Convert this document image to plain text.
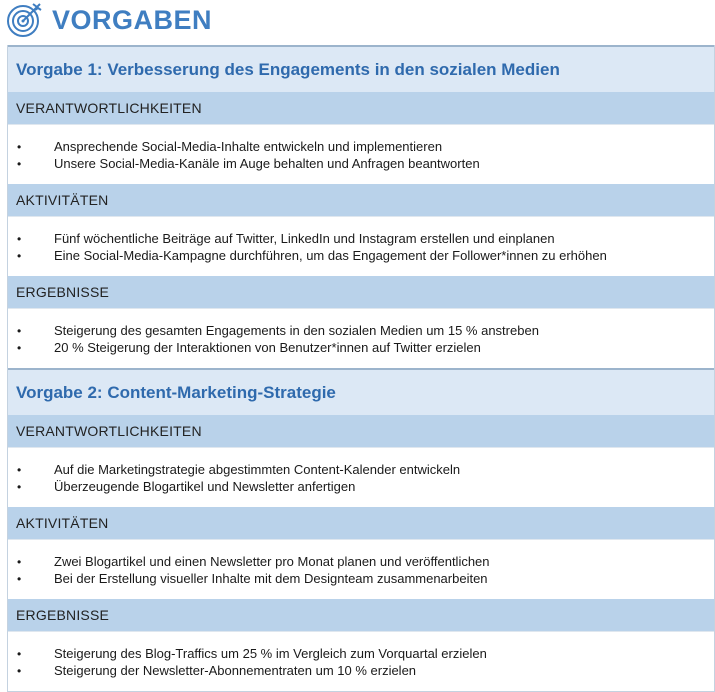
VORGABEN
Vorgabe 1: Verbesserung des Engagements in den sozialen Medien
VERANTWORTLICHKEITEN
•	Ansprechende Social-Media-Inhalte entwickeln und implementieren
•	Unsere Social-Media-Kanäle im Auge behalten und Anfragen beantworten
AKTIVITÄTEN
•	Fünf wöchentliche Beiträge auf Twitter, LinkedIn und Instagram erstellen und einplanen
•	Eine Social-Media-Kampagne durchführen, um das Engagement der Follower*innen zu erhöhen
ERGEBNISSE
•	Steigerung des gesamten Engagements in den sozialen Medien um 15 % anstreben
•	20 % Steigerung der Interaktionen von Benutzer*innen auf Twitter erzielen
Vorgabe 2: Content-Marketing-Strategie
VERANTWORTLICHKEITEN
•	Auf die Marketingstrategie abgestimmten Content-Kalender entwickeln
•	Überzeugende Blogartikel und Newsletter anfertigen
AKTIVITÄTEN
•	Zwei Blogartikel und einen Newsletter pro Monat planen und veröffentlichen
•	Bei der Erstellung visueller Inhalte mit dem Designteam zusammenarbeiten
ERGEBNISSE
•	Steigerung des Blog-Traffics um 25 % im Vergleich zum Vorquartal erzielen
•	Steigerung der Newsletter-Abonnementraten um 10 % erzielen
